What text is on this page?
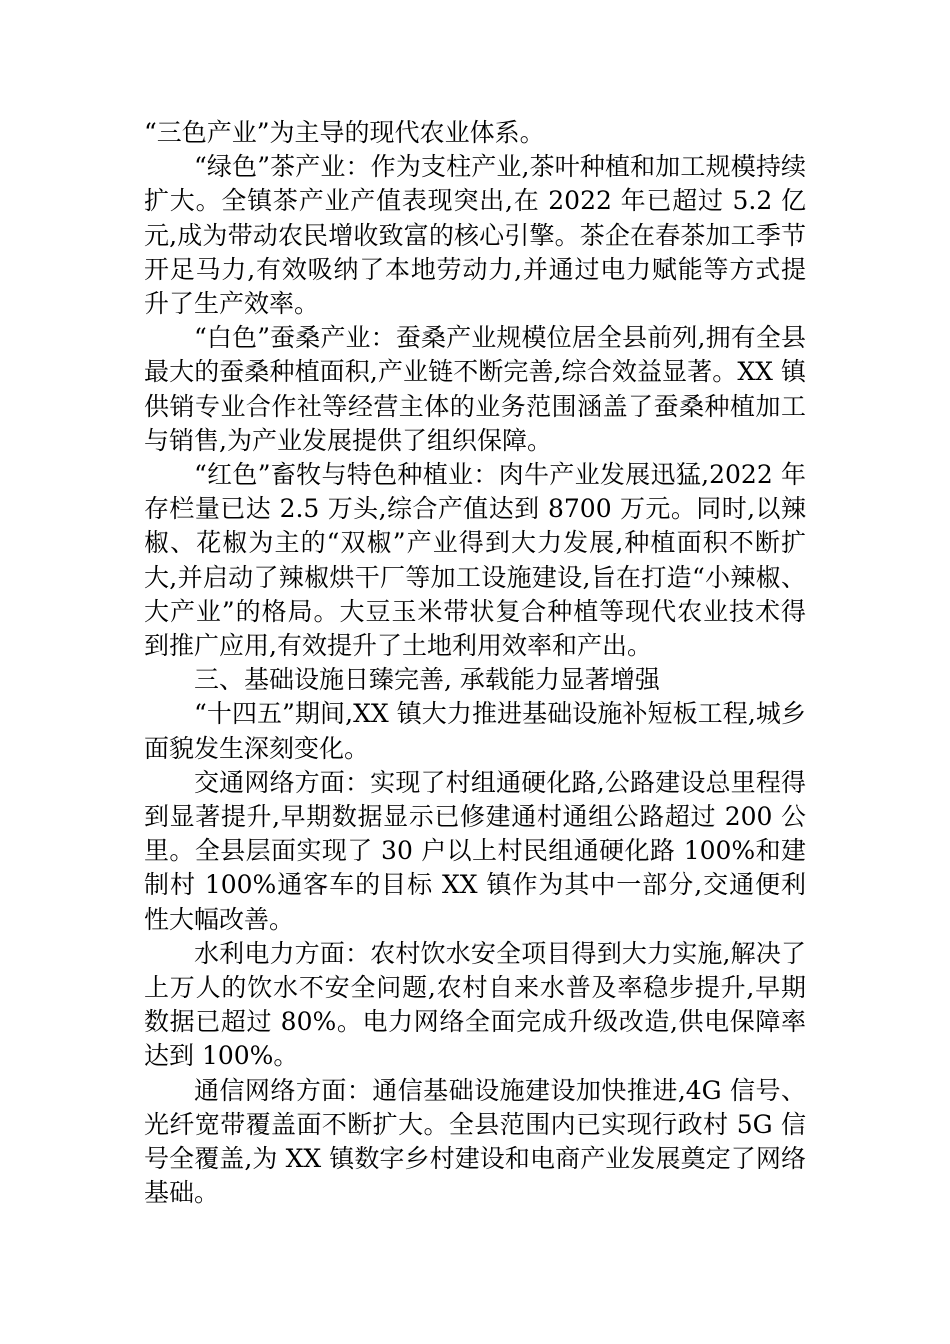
“三色产业”为主导的现代农业体系。

“绿色”茶产业：作为支柱产业,茶叶种植和加工规模持续扩大。全镇茶产业产值表现突出,在 2022 年已超过 5.2 亿元,成为带动农民增收致富的核心引擎。茶企在春茶加工季节开足马力,有效吸纳了本地劳动力,并通过电力赋能等方式提升了生产效率。

“白色”蚕桑产业：蚕桑产业规模位居全县前列,拥有全县最大的蚕桑种植面积,产业链不断完善,综合效益显著。XX 镇供销专业合作社等经营主体的业务范围涵盖了蚕桑种植加工与销售,为产业发展提供了组织保障。

“红色”畜牧与特色种植业：肉牛产业发展迅猛,2022 年存栏量已达 2.5 万头,综合产值达到 8700 万元。同时,以辣椒、花椒为主的“双椒”产业得到大力发展,种植面积不断扩大,并启动了辣椒烘干厂等加工设施建设,旨在打造“小辣椒、大产业”的格局。大豆玉米带状复合种植等现代农业技术得到推广应用,有效提升了土地利用效率和产出。

三、基础设施日臻完善, 承载能力显著增强

“十四五”期间,XX 镇大力推进基础设施补短板工程,城乡面貌发生深刻变化。

交通网络方面：实现了村组通硬化路,公路建设总里程得到显著提升,早期数据显示已修建通村通组公路超过 200 公里。全县层面实现了 30 户以上村民组通硬化路 100%和建制村 100%通客车的目标 XX 镇作为其中一部分,交通便利性大幅改善。

水利电力方面：农村饮水安全项目得到大力实施,解决了上万人的饮水不安全问题,农村自来水普及率稳步提升,早期数据已超过 80%。电力网络全面完成升级改造,供电保障率达到 100%。

通信网络方面：通信基础设施建设加快推进,4G 信号、光纤宽带覆盖面不断扩大。全县范围内已实现行政村 5G 信号全覆盖,为 XX 镇数字乡村建设和电商产业发展奠定了网络基础。
